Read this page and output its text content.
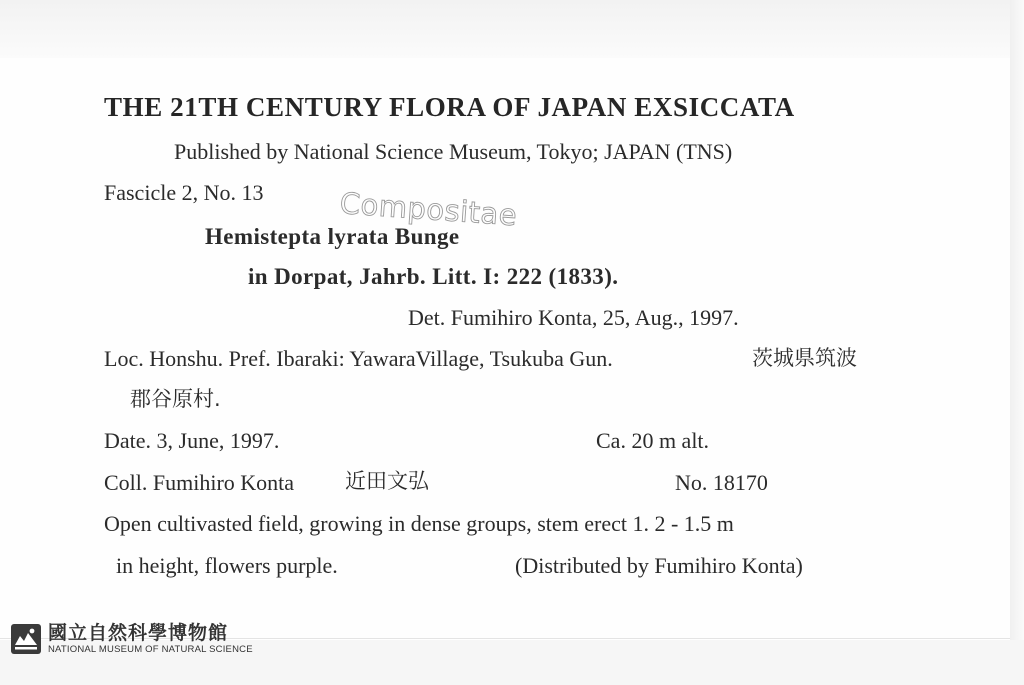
THE 21TH CENTURY FLORA OF JAPAN EXSICCATA
Published by National Science Museum, Tokyo; JAPAN (TNS)
Fascicle 2, No. 13	Compositae
Hemistepta lyrata Bunge
in Dorpat, Jahrb. Litt. I: 222 (1833).
Det. Fumihiro Konta, 25, Aug., 1997.
Loc. Honshu. Pref. Ibaraki: YawaraVillage, Tsukuba Gun.	茨城県筑波
郡谷原村.
Date. 3, June, 1997.	Ca. 20 m alt.
Coll. Fumihiro Konta 近田文弘	No. 18170
Open cultivasted field, growing in dense groups, stem erect 1. 2 - 1.5 m
in height, flowers purple.	(Distributed by Fumihiro Konta)
國立自然科學博物館
NATIONAL MUSEUM OF NATURAL SCIENCE
